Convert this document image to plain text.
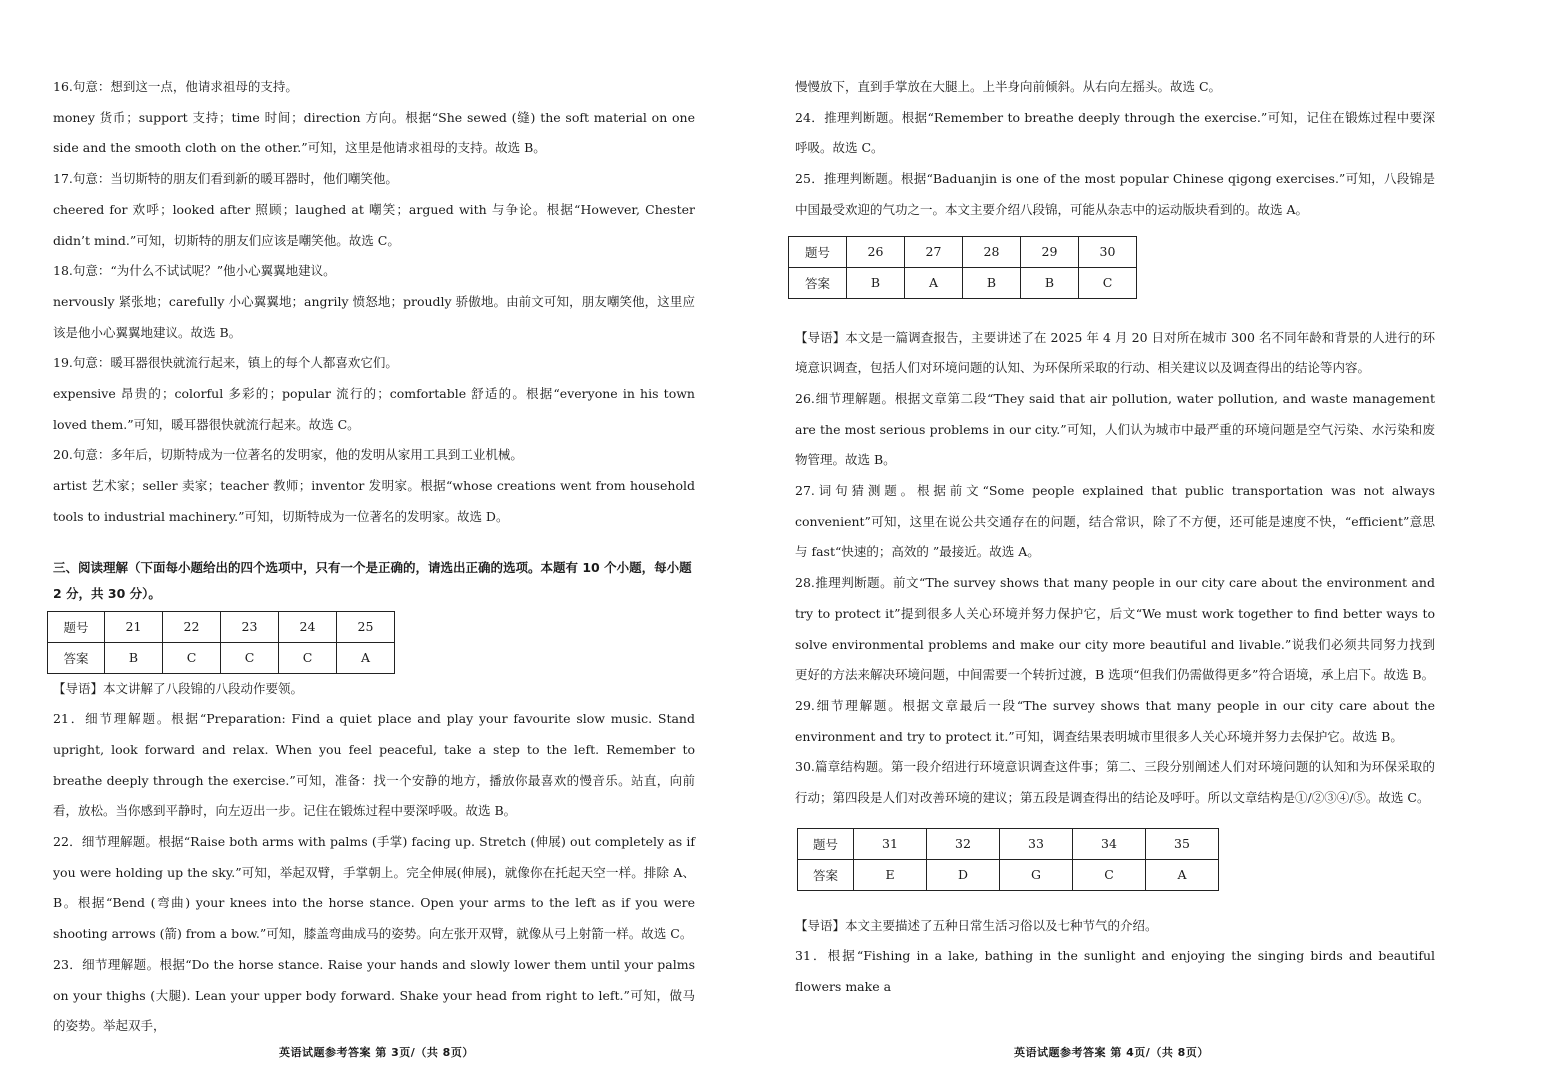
16.句意：想到这一点，他请求祖母的支持。

money 货币；support 支持；time 时间；direction 方向。根据“She sewed (缝) the soft material on one side and the smooth cloth on the other.”可知，这里是他请求祖母的支持。故选 B。

17.句意：当切斯特的朋友们看到新的暖耳器时，他们嘲笑他。

cheered for 欢呼；looked after 照顾；laughed at 嘲笑；argued with 与争论。根据“However, Chester didn’t mind.”可知，切斯特的朋友们应该是嘲笑他。故选 C。

18.句意：“为什么不试试呢？”他小心翼翼地建议。

nervously 紧张地；carefully 小心翼翼地；angrily 愤怒地；proudly 骄傲地。由前文可知，朋友嘲笑他，这里应该是他小心翼翼地建议。故选 B。

19.句意：暖耳器很快就流行起来，镇上的每个人都喜欢它们。

expensive 昂贵的；colorful 多彩的；popular 流行的；comfortable 舒适的。根据“everyone in his town loved them.”可知，暖耳器很快就流行起来。故选 C。

20.句意：多年后，切斯特成为一位著名的发明家，他的发明从家用工具到工业机械。

artist 艺术家；seller 卖家；teacher 教师；inventor 发明家。根据“whose creations went from household tools to industrial machinery.”可知，切斯特成为一位著名的发明家。故选 D。

三、阅读理解（下面每小题给出的四个选项中，只有一个是正确的，请选出正确的选项。本题有 10 个小题，每小题 2 分，共 30 分）。

题号	21	22	23	24	25
答案	B	C	C	C	A

【导语】本文讲解了八段锦的八段动作要领。

21．细节理解题。根据“Preparation: Find a quiet place and play your favourite slow music. Stand upright, look forward and relax. When you feel peaceful, take a step to the left. Remember to breathe deeply through the exercise.”可知，准备：找一个安静的地方，播放你最喜欢的慢音乐。站直，向前看，放松。当你感到平静时，向左迈出一步。记住在锻炼过程中要深呼吸。故选 B。

22．细节理解题。根据“Raise both arms with palms (手掌) facing up. Stretch (伸展) out completely as if you were holding up the sky.”可知，举起双臂，手掌朝上。完全伸展(伸展)，就像你在托起天空一样。排除 A、B。根据“Bend (弯曲) your knees into the horse stance. Open your arms to the left as if you were shooting arrows (箭) from a bow.”可知，膝盖弯曲成马的姿势。向左张开双臂，就像从弓上射箭一样。故选 C。

23．细节理解题。根据“Do the horse stance. Raise your hands and slowly lower them until your palms on your thighs (大腿). Lean your upper body forward. Shake your head from right to left.”可知，做马的姿势。举起双手，

英语试题参考答案 第 3页/（共 8页）

慢慢放下，直到手掌放在大腿上。上半身向前倾斜。从右向左摇头。故选 C。

24．推理判断题。根据“Remember to breathe deeply through the exercise.”可知，记住在锻炼过程中要深呼吸。故选 C。

25．推理判断题。根据“Baduanjin is one of the most popular Chinese qigong exercises.”可知，八段锦是中国最受欢迎的气功之一。本文主要介绍八段锦，可能从杂志中的运动版块看到的。故选 A。

题号	26	27	28	29	30
答案	B	A	B	B	C

【导语】本文是一篇调查报告，主要讲述了在 2025 年 4 月 20 日对所在城市 300 名不同年龄和背景的人进行的环境意识调查，包括人们对环境问题的认知、为环保所采取的行动、相关建议以及调查得出的结论等内容。

26.细节理解题。根据文章第二段“They said that air pollution, water pollution, and waste management are the most serious problems in our city.”可知，人们认为城市中最严重的环境问题是空气污染、水污染和废物管理。故选 B。

27.词句猜测题。根据前文“Some people explained that public transportation was not always convenient”可知，这里在说公共交通存在的问题，结合常识，除了不方便，还可能是速度不快，“efficient”意思与 fast“快速的；高效的 ”最接近。故选 A。

28.推理判断题。前文“The survey shows that many people in our city care about the environment and try to protect it”提到很多人关心环境并努力保护它，后文“We must work together to find better ways to solve environmental problems and make our city more beautiful and livable.”说我们必须共同努力找到更好的方法来解决环境问题，中间需要一个转折过渡，B 选项“但我们仍需做得更多”符合语境，承上启下。故选 B。

29.细节理解题。根据文章最后一段“The survey shows that many people in our city care about the environment and try to protect it.”可知，调查结果表明城市里很多人关心环境并努力去保护它。故选 B。

30.篇章结构题。第一段介绍进行环境意识调查这件事；第二、三段分别阐述人们对环境问题的认知和为环保采取的行动；第四段是人们对改善环境的建议；第五段是调查得出的结论及呼吁。所以文章结构是①/②③④/⑤。故选 C。

题号	31	32	33	34	35
答案	E	D	G	C	A

【导语】本文主要描述了五种日常生活习俗以及七种节气的介绍。

31．根据“Fishing in a lake, bathing in the sunlight and enjoying the singing birds and beautiful flowers make a

英语试题参考答案 第 4页/（共 8页）
